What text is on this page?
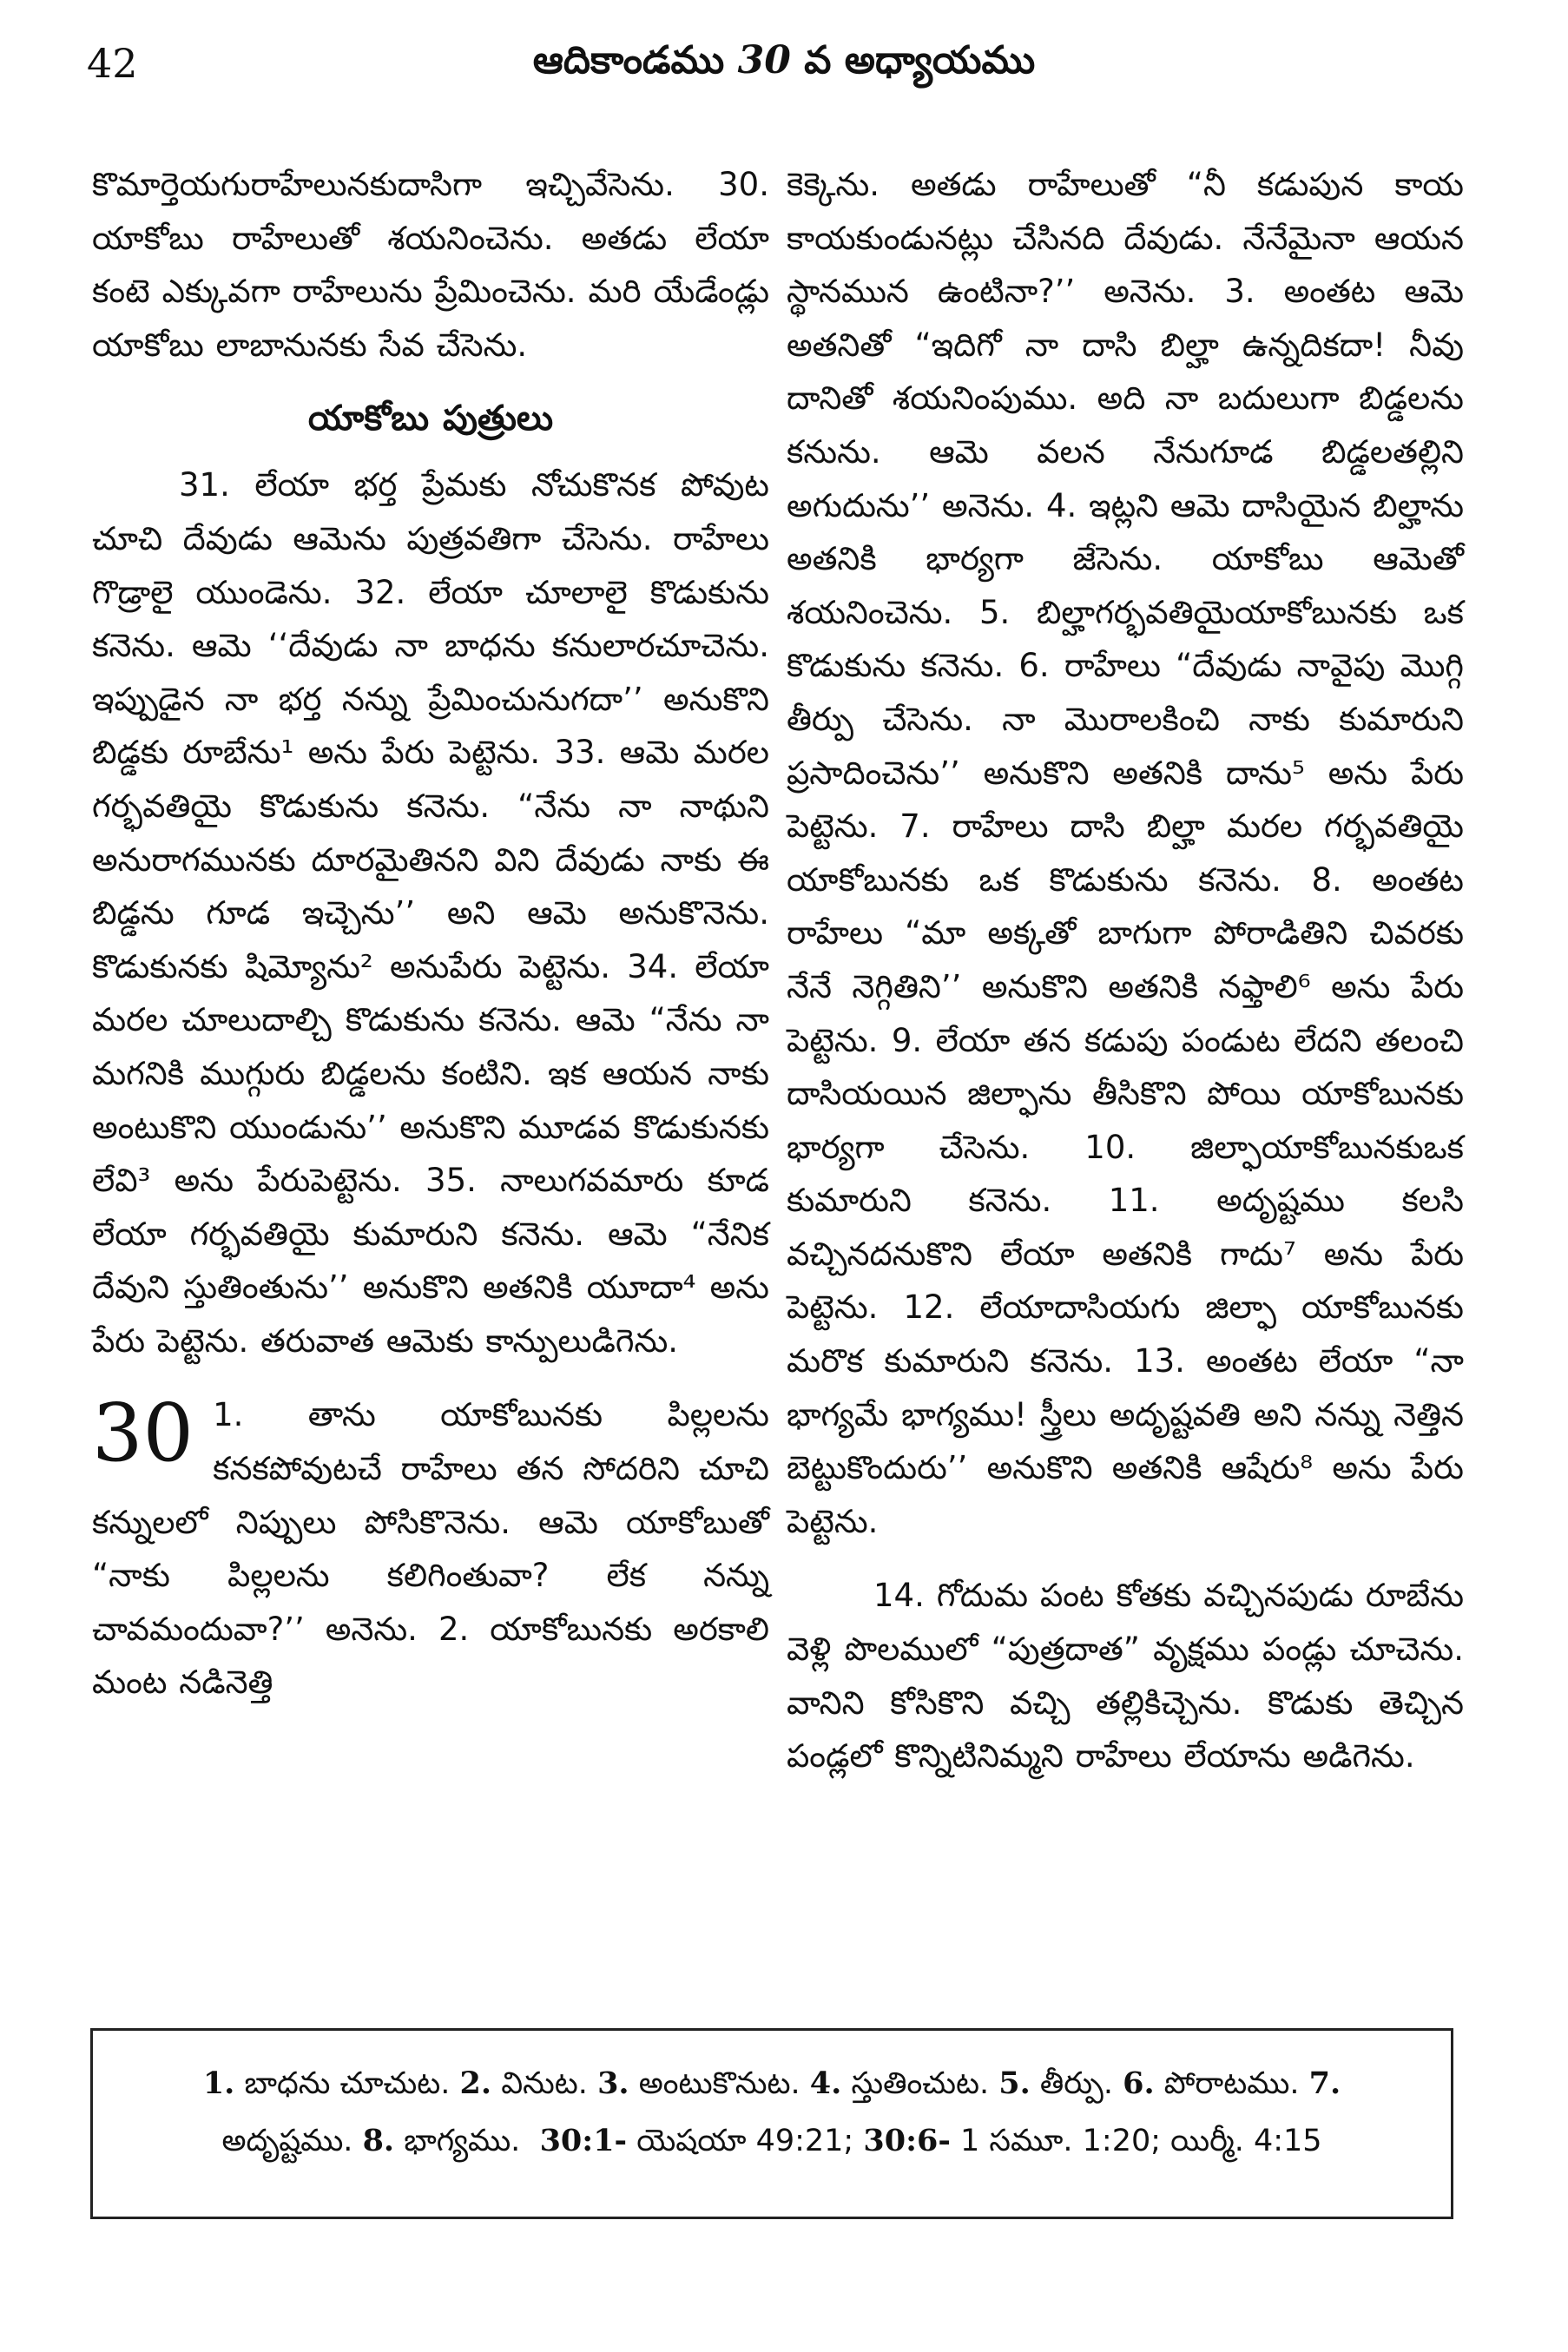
42	ఆదికాండము 30 వ అధ్యాయము

కొమార్తెయగురాహేలునకుదాసిగా ఇచ్చివేసెను. 30. యాకోబు రాహేలుతో శయనించెను. అతడు లేయా కంటె ఎక్కువగా రాహేలును ప్రేమించెను. మరి యేడేండ్లు యాకోబు లాబానునకు సేవ చేసెను.

యాకోబు పుత్రులు

31. లేయా భర్త ప్రేమకు నోచుకొనక పోవుట చూచి దేవుడు ఆమెను పుత్రవతిగా చేసెను. రాహేలు గొడ్రాలై యుండెను. 32. లేయా చూలాలై కొడుకును కనెను. ఆమె ‘‘దేవుడు నా బాధను కనులారచూచెను. ఇప్పుడైన నా భర్త నన్ను ప్రేమించునుగదా’’ అనుకొని బిడ్డకు రూబేను¹ అను పేరు పెట్టెను. 33. ఆమె మరల గర్భవతియై కొడుకును కనెను. “నేను నా నాథుని అనురాగమునకు దూరమైతినని విని దేవుడు నాకు ఈ బిడ్డను గూడ ఇచ్చెను’’ అని ఆమె అనుకొనెను. కొడుకునకు షిమ్యోను² అనుపేరు పెట్టెను. 34. లేయా మరల చూలుదాల్చి కొడుకును కనెను. ఆమె “నేను నా మగనికి ముగ్గురు బిడ్డలను కంటిని. ఇక ఆయన నాకు అంటుకొని యుండును’’ అనుకొని మూడవ కొడుకునకు లేవి³ అను పేరుపెట్టెను. 35. నాలుగవమారు కూడ లేయా గర్భవతియై కుమారుని కనెను. ఆమె “నేనిక దేవుని స్తుతింతును’’ అనుకొని అతనికి యూదా⁴ అను పేరు పెట్టెను. తరువాత ఆమెకు కాన్పులుడిగెను.

30 1. తాను యాకోబునకు పిల్లలను కనకపోవుటచే రాహేలు తన సోదరిని చూచి కన్నులలో నిప్పులు పోసికొనెను. ఆమె యాకోబుతో “నాకు పిల్లలను కలిగింతువా? లేక నన్ను చావమందువా?’’ అనెను. 2. యాకోబునకు అరకాలి మంట నడినెత్తి

కెక్కెను. అతడు రాహేలుతో “నీ కడుపున కాయ కాయకుండునట్లు చేసినది దేవుడు. నేనేమైనా ఆయన స్థానమున ఉంటినా?’’ అనెను. 3. అంతట ఆమె అతనితో “ఇదిగో నా దాసి బిల్హా ఉన్నదికదా! నీవు దానితో శయనింపుము. అది నా బదులుగా బిడ్డలను కనును. ఆమె వలన నేనుగూడ బిడ్డలతల్లిని అగుదును’’ అనెను. 4. ఇట్లని ఆమె దాసియైన బిల్హాను అతనికి భార్యగా జేసెను. యాకోబు ఆమెతో శయనించెను. 5. బిల్హాగర్భవతియైయాకోబునకు ఒక కొడుకును కనెను. 6. రాహేలు “దేవుడు నావైపు మొగ్గి తీర్పు చేసెను. నా మొరాలకించి నాకు కుమారుని ప్రసాదించెను’’ అనుకొని అతనికి దాను⁵ అను పేరు పెట్టెను. 7. రాహేలు దాసి బిల్హా మరల గర్భవతియై యాకోబునకు ఒక కొడుకును కనెను. 8. అంతట రాహేలు “మా అక్కతో బాగుగా పోరాడితిని చివరకు నేనే నెగ్గితిని’’ అనుకొని అతనికి నఫ్తాలి⁶ అను పేరు పెట్టెను. 9. లేయా తన కడుపు పండుట లేదని తలంచి దాసియయిన జిల్ఫాను తీసికొని పోయి యాకోబునకు భార్యగా చేసెను. 10. జిల్ఫాయాకోబునకుఒక కుమారుని కనెను. 11. అదృష్టము కలసి వచ్చినదనుకొని లేయా అతనికి గాదు⁷ అను పేరు పెట్టెను. 12. లేయాదాసియగు జిల్ఫా యాకోబునకు మరొక కుమారుని కనెను. 13. అంతట లేయా “నా భాగ్యమే భాగ్యము! స్త్రీలు అదృష్టవతి అని నన్ను నెత్తిన బెట్టుకొందురు’’ అనుకొని అతనికి ఆషేరు⁸ అను పేరు పెట్టెను.

14. గోదుమ పంట కోతకు వచ్చినపుడు రూబేను వెళ్లి పొలములో “పుత్రదాత” వృక్షము పండ్లు చూచెను. వానిని కోసికొని వచ్చి తల్లికిచ్చెను. కొడుకు తెచ్చిన పండ్లలో కొన్నిటినిమ్మని రాహేలు లేయాను అడిగెను.

1. బాధను చూచుట. 2. వినుట. 3. అంటుకొనుట. 4. స్తుతించుట. 5. తీర్పు. 6. పోరాటము. 7.
అదృష్టము. 8. భాగ్యము. 30:1- యెషయా 49:21; 30:6- 1 సమూ. 1:20; యిర్మీ. 4:15
